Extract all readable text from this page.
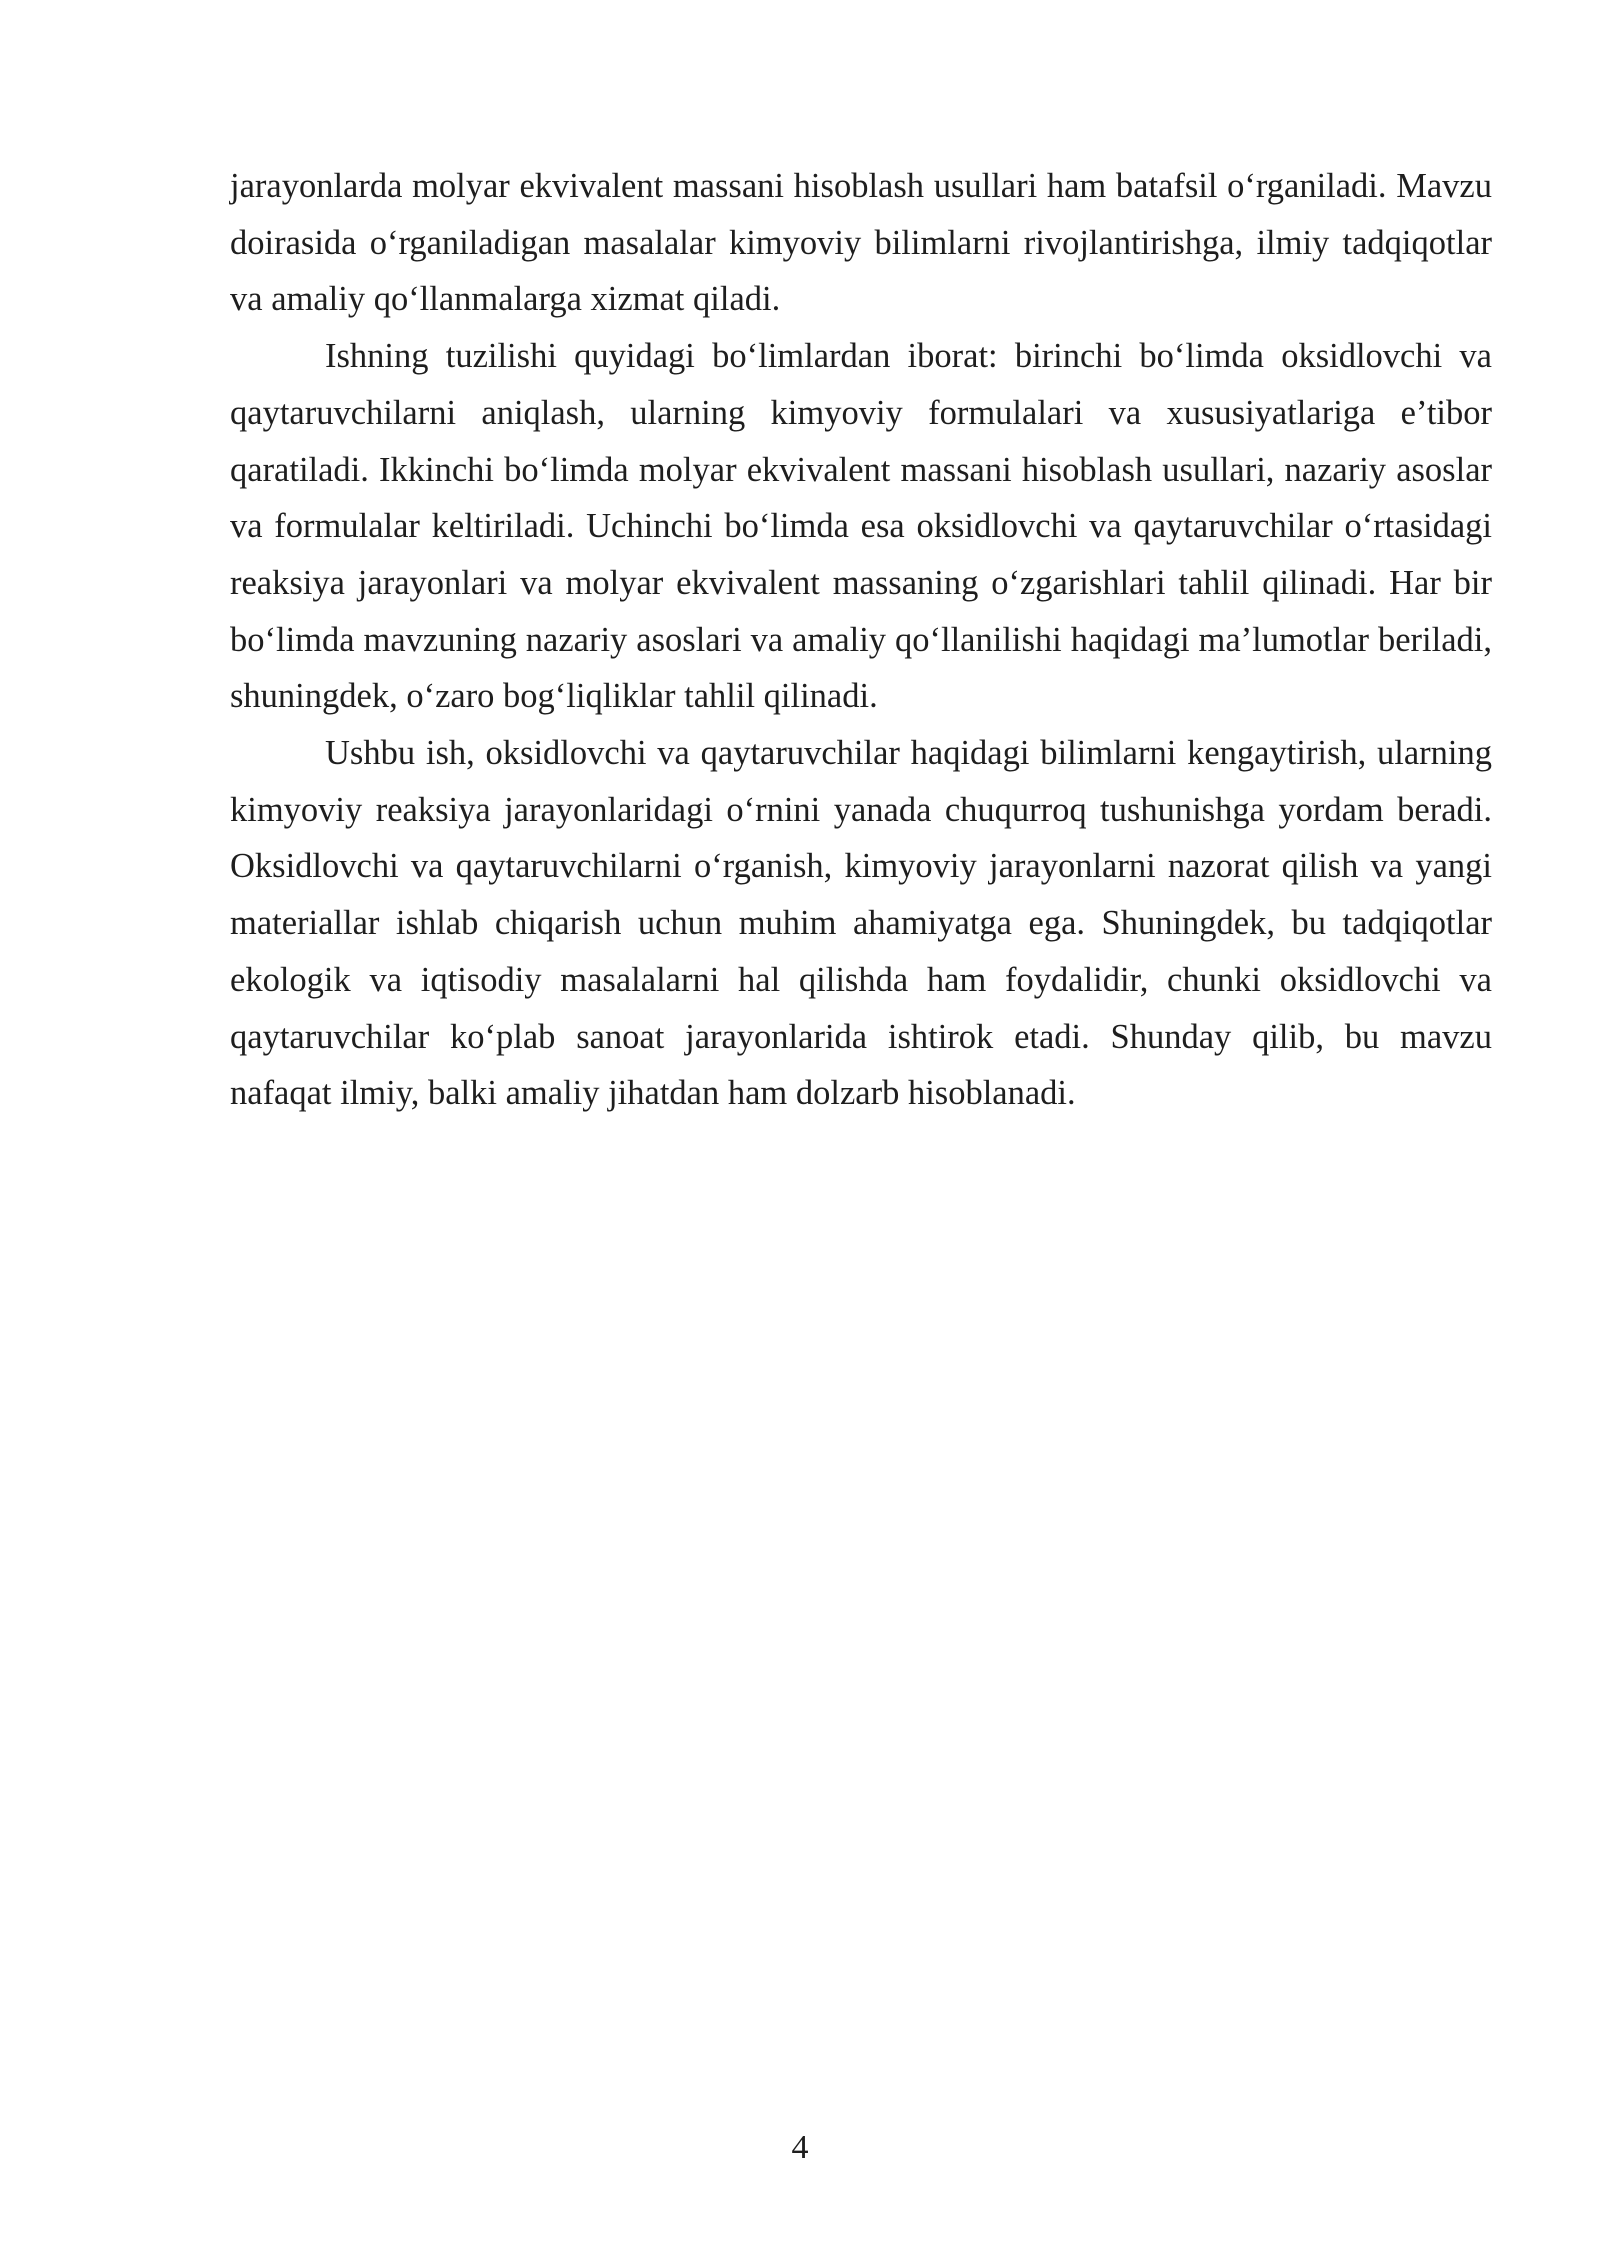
jarayonlarda molyar ekvivalent massani hisoblash usullari ham batafsil o‘rganiladi. Mavzu doirasida o‘rganiladigan masalalar kimyoviy bilimlarni rivojlantirishga, ilmiy tadqiqotlar va amaliy qo‘llanmalarga xizmat qiladi.

Ishning tuzilishi quyidagi bo‘limlardan iborat: birinchi bo‘limda oksidlovchi va qaytaruvchilarni aniqlash, ularning kimyoviy formulalari va xususiyatlariga e’tibor qaratiladi. Ikkinchi bo‘limda molyar ekvivalent massani hisoblash usullari, nazariy asoslar va formulalar keltiriladi. Uchinchi bo‘limda esa oksidlovchi va qaytaruvchilar o‘rtasidagi reaksiya jarayonlari va molyar ekvivalent massaning o‘zgarishlari tahlil qilinadi. Har bir bo‘limda mavzuning nazariy asoslari va amaliy qo‘llanilishi haqidagi ma’lumotlar beriladi, shuningdek, o‘zaro bog‘liqliklar tahlil qilinadi.

Ushbu ish, oksidlovchi va qaytaruvchilar haqidagi bilimlarni kengaytirish, ularning kimyoviy reaksiya jarayonlaridagi o‘rnini yanada chuqurroq tushunishga yordam beradi. Oksidlovchi va qaytaruvchilarni o‘rganish, kimyoviy jarayonlarni nazorat qilish va yangi materiallar ishlab chiqarish uchun muhim ahamiyatga ega. Shuningdek, bu tadqiqotlar ekologik va iqtisodiy masalalarni hal qilishda ham foydalidir, chunki oksidlovchi va qaytaruvchilar ko‘plab sanoat jarayonlarida ishtirok etadi. Shunday qilib, bu mavzu nafaqat ilmiy, balki amaliy jihatdan ham dolzarb hisoblanadi.

4
